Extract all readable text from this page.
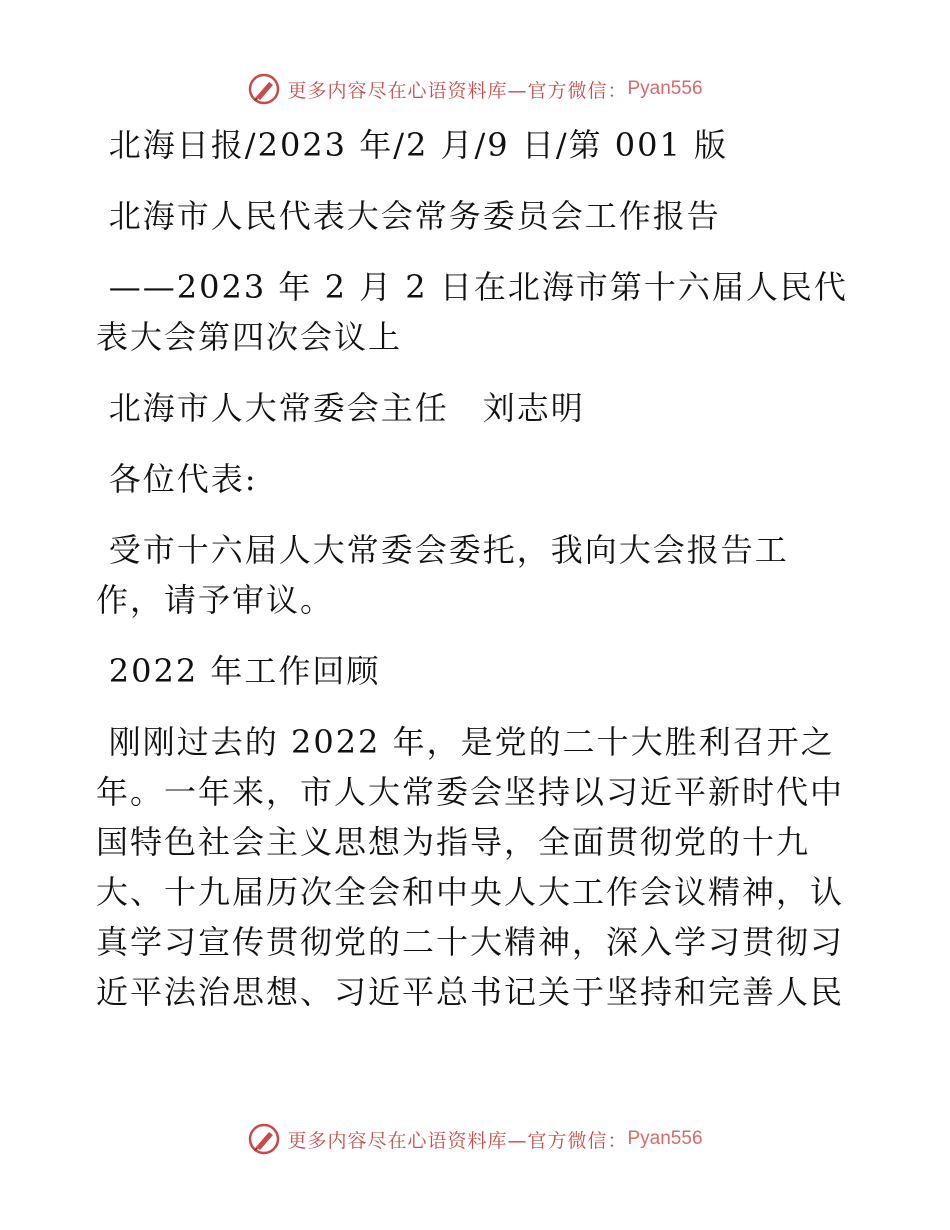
更多内容尽在心语资料库—官方微信： Pyan556

北海日报/2023 年/2 月/9 日/第 001 版

北海市人民代表大会常务委员会工作报告

——2023 年 2 月 2 日在北海市第十六届人民代表大会第四次会议上

北海市人大常委会主任　刘志明

各位代表:

受市十六届人大常委会委托，我向大会报告工作，请予审议。

2022 年工作回顾

刚刚过去的 2022 年，是党的二十大胜利召开之年。一年来，市人大常委会坚持以习近平新时代中国特色社会主义思想为指导，全面贯彻党的十九大、十九届历次全会和中央人大工作会议精神，认真学习宣传贯彻党的二十大精神，深入学习贯彻习近平法治思想、习近平总书记关于坚持和完善人民

更多内容尽在心语资料库—官方微信： Pyan556
